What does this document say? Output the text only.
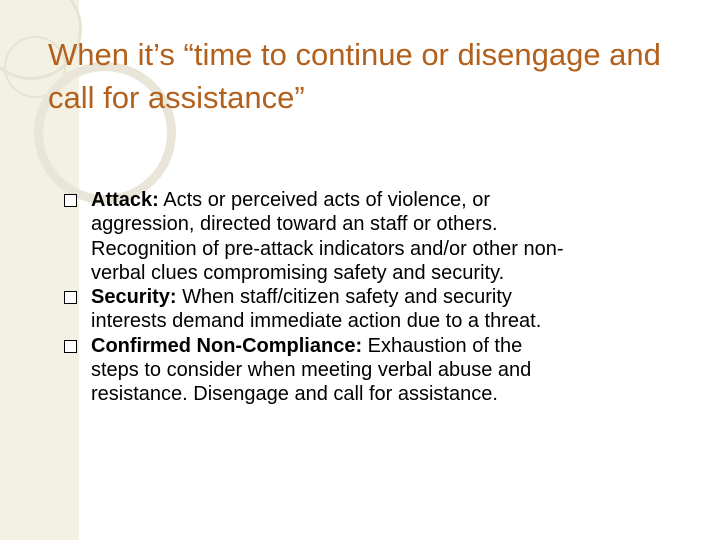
When it’s “time to continue or disengage and call for assistance”
Attack: Acts or perceived acts of violence, or aggression, directed toward an staff or others. Recognition of pre-attack indicators and/or other non-verbal clues compromising safety and security.
Security: When staff/citizen safety and security interests demand immediate action due to a threat.
Confirmed Non-Compliance: Exhaustion of the steps to consider when meeting verbal abuse and resistance. Disengage and call for assistance.
